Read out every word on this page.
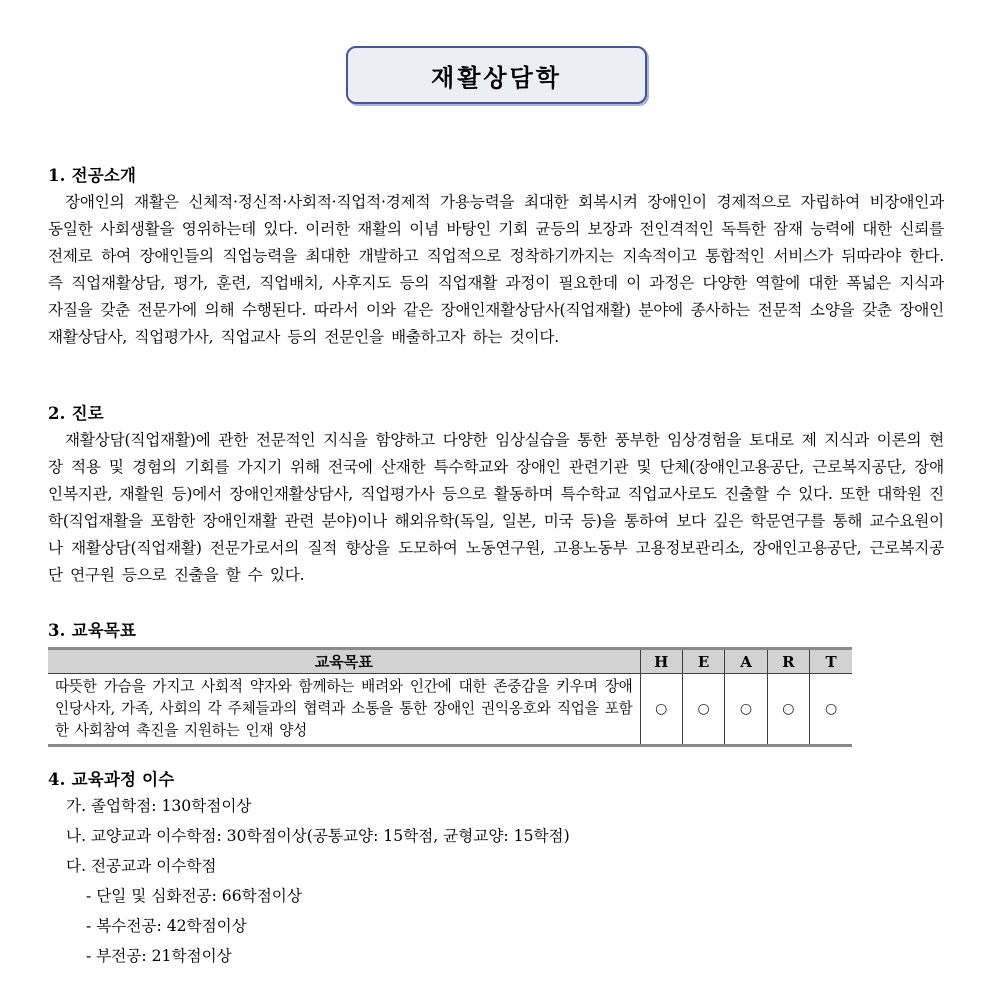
재활상담학
1. 전공소개
장애인의 재활은 신체적·정신적·사회적·직업적·경제적 가용능력을 최대한 회복시켜 장애인이 경제적으로 자립하여 비장애인과 동일한 사회생활을 영위하는데 있다. 이러한 재활의 이념 바탕인 기회 균등의 보장과 전인격적인 독특한 잠재 능력에 대한 신뢰를 전제로 하여 장애인들의 직업능력을 최대한 개발하고 직업적으로 정착하기까지는 지속적이고 통합적인 서비스가 뒤따라야 한다. 즉 직업재활상담, 평가, 훈련, 직업배치, 사후지도 등의 직업재활 과정이 필요한데 이 과정은 다양한 역할에 대한 폭넓은 지식과 자질을 갖춘 전문가에 의해 수행된다. 따라서 이와 같은 장애인재활상담사(직업재활) 분야에 종사하는 전문적 소양을 갖춘 장애인재활상담사, 직업평가사, 직업교사 등의 전문인을 배출하고자 하는 것이다.
2. 진로
재활상담(직업재활)에 관한 전문적인 지식을 함양하고 다양한 임상실습을 통한 풍부한 임상경험을 토대로 제 지식과 이론의 현장 적용 및 경험의 기회를 가지기 위해 전국에 산재한 특수학교와 장애인 관련기관 및 단체(장애인고용공단, 근로복지공단, 장애인복지관, 재활원 등)에서 장애인재활상담사, 직업평가사 등으로 활동하며 특수학교 직업교사로도 진출할 수 있다. 또한 대학원 진학(직업재활을 포함한 장애인재활 관련 분야)이나 해외유학(독일, 일본, 미국 등)을 통하여 보다 깊은 학문연구를 통해 교수요원이나 재활상담(직업재활) 전문가로서의 질적 향상을 도모하여 노동연구원, 고용노동부 고용정보관리소, 장애인고용공단, 근로복지공단 연구원 등으로 진출을 할 수 있다.
3. 교육목표
교육목표	H	E	A	R	T
따뜻한 가슴을 가지고 사회적 약자와 함께하는 배려와 인간에 대한 존중감을 키우며 장애인당사자, 가족, 사회의 각 주체들과의 협력과 소통을 통한 장애인 권익옹호와 직업을 포함한 사회참여 촉진을 지원하는 인재 양성	○	○	○	○	○
4. 교육과정 이수
가. 졸업학점: 130학점이상
나. 교양교과 이수학점: 30학점이상(공통교양: 15학점, 균형교양: 15학점)
다. 전공교과 이수학점
- 단일 및 심화전공: 66학점이상
- 복수전공: 42학점이상
- 부전공: 21학점이상
